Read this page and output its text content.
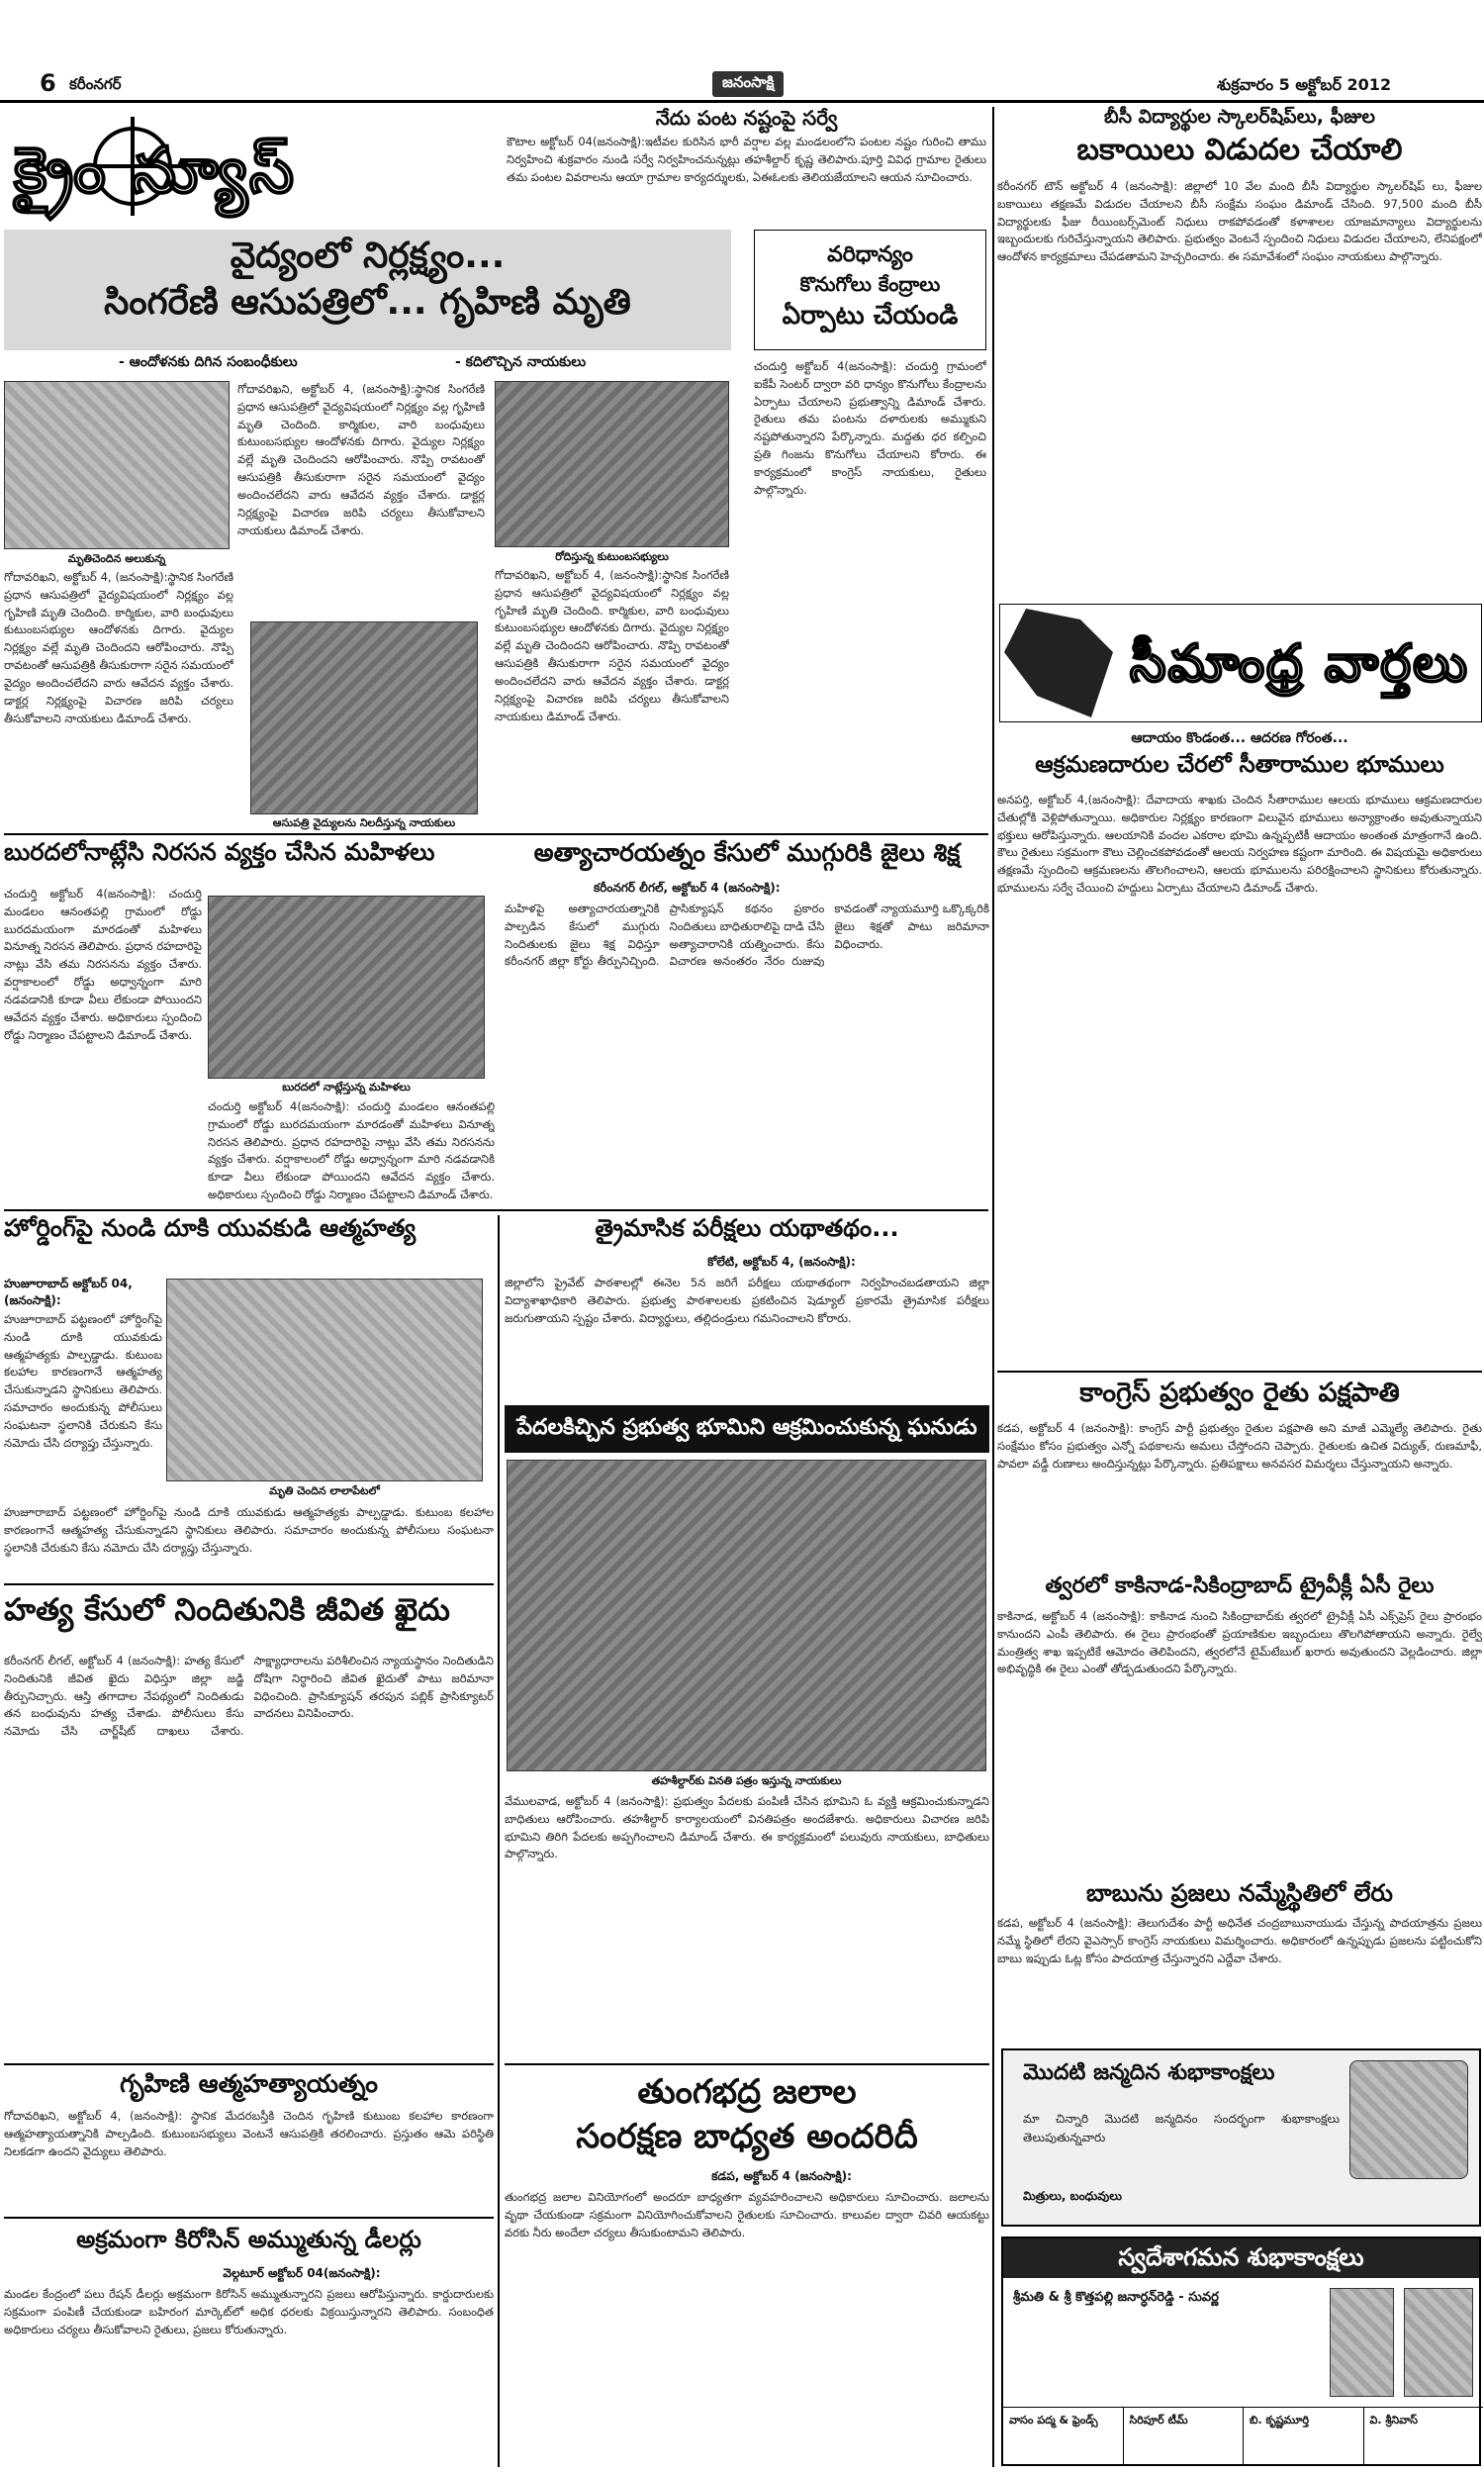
6 కరీంనగర్	జనంసాక్షి	శుక్రవారం 5 అక్టోబర్ 2012
క్రైం న్యూస్
నేదు పంట నష్టంపై సర్వే
కౌటాల అక్టోబర్ 04(జనంసాక్షి):ఇటీవల కురిసిన భారీ వర్షాల వల్ల మండలంలోని పంటల నష్టం గురించి తాము నిర్వహించి శుక్రవారం నుండి సర్వే నిర్వహించనున్నట్లు తహశీల్దార్ కృష్ణ తెలిపారు.పూర్తి వివిధ గ్రామాల రైతులు తమ పంటల వివరాలను ఆయా గ్రామాల కార్యదర్శులకు, ఏఈఓలకు తెలియజేయాలని ఆయన సూచించారు.
వైద్యంలో నిర్లక్ష్యం...
సింగరేణి ఆసుపత్రిలో... గృహిణి మృతి
- ఆందోళనకు దిగిన సంబంధీకులు	- కదిలొచ్చిన నాయకులు
మృతిచెందిన అలుకున్న
గోదావరిఖని, అక్టోబర్ 4, (జనంసాక్షి):స్థానిక సింగరేణి ప్రధాన ఆసుపత్రిలో వైద్యవిషయంలో నిర్లక్ష్యం వల్ల గృహిణి మృతి చెందింది. కార్మికుల, వారి బంధువులు కుటుంబసభ్యుల ఆందోళనకు దిగారు. వైద్యుల నిర్లక్ష్యం వల్లే మృతి చెందిందని ఆరోపించారు. నొప్పి రావటంతో ఆసుపత్రికి తీసుకురాగా సరైన సమయంలో వైద్యం అందించలేదని వారు ఆవేదన వ్యక్తం చేశారు. డాక్టర్ల నిర్లక్ష్యంపై విచారణ జరిపి చర్యలు తీసుకోవాలని నాయకులు డిమాండ్ చేశారు.
గోదావరిఖని, అక్టోబర్ 4, (జనంసాక్షి):స్థానిక సింగరేణి ప్రధాన ఆసుపత్రిలో వైద్యవిషయంలో నిర్లక్ష్యం వల్ల గృహిణి మృతి చెందింది. కార్మికుల, వారి బంధువులు కుటుంబసభ్యుల ఆందోళనకు దిగారు. వైద్యుల నిర్లక్ష్యం వల్లే మృతి చెందిందని ఆరోపించారు. నొప్పి రావటంతో ఆసుపత్రికి తీసుకురాగా సరైన సమయంలో వైద్యం అందించలేదని వారు ఆవేదన వ్యక్తం చేశారు. డాక్టర్ల నిర్లక్ష్యంపై విచారణ జరిపి చర్యలు తీసుకోవాలని నాయకులు డిమాండ్ చేశారు.
ఆసుపత్రి వైద్యులను నిలదీస్తున్న నాయకులు
రోదిస్తున్న కుటుంబసభ్యులు
గోదావరిఖని, అక్టోబర్ 4, (జనంసాక్షి):స్థానిక సింగరేణి ప్రధాన ఆసుపత్రిలో వైద్యవిషయంలో నిర్లక్ష్యం వల్ల గృహిణి మృతి చెందింది. కార్మికుల, వారి బంధువులు కుటుంబసభ్యుల ఆందోళనకు దిగారు. వైద్యుల నిర్లక్ష్యం వల్లే మృతి చెందిందని ఆరోపించారు. నొప్పి రావటంతో ఆసుపత్రికి తీసుకురాగా సరైన సమయంలో వైద్యం అందించలేదని వారు ఆవేదన వ్యక్తం చేశారు. డాక్టర్ల నిర్లక్ష్యంపై విచారణ జరిపి చర్యలు తీసుకోవాలని నాయకులు డిమాండ్ చేశారు.
వరిధాన్యం
కొనుగోలు కేంద్రాలు
ఏర్పాటు చేయండి
చందుర్తి అక్టోబర్ 4(జనంసాక్షి): చందుర్తి గ్రామంలో ఐకేపీ సెంటర్ ద్వారా వరి ధాన్యం కొనుగోలు కేంద్రాలను ఏర్పాటు చేయాలని ప్రభుత్వాన్ని డిమాండ్ చేశారు. రైతులు తమ పంటను దళారులకు అమ్ముకుని నష్టపోతున్నారని పేర్కొన్నారు. మద్దతు ధర కల్పించి ప్రతి గింజను కొనుగోలు చేయాలని కోరారు. ఈ కార్యక్రమంలో కాంగ్రెస్ నాయకులు, రైతులు పాల్గొన్నారు.
బురదలోనాట్లేసి నిరసన వ్యక్తం చేసిన మహిళలు
చందుర్తి అక్టోబర్ 4(జనంసాక్షి): చందుర్తి మండలం ఆనంతపల్లి గ్రామంలో రోడ్డు బురదమయంగా మారడంతో మహిళలు వినూత్న నిరసన తెలిపారు. ప్రధాన రహదారిపై నాట్లు వేసి తమ నిరసనను వ్యక్తం చేశారు. వర్షాకాలంలో రోడ్డు అధ్వాన్నంగా మారి నడవడానికి కూడా వీలు లేకుండా పోయిందని ఆవేదన వ్యక్తం చేశారు. అధికారులు స్పందించి రోడ్డు నిర్మాణం చేపట్టాలని డిమాండ్ చేశారు.
బురదలో నాట్లేస్తున్న మహిళలు
చందుర్తి అక్టోబర్ 4(జనంసాక్షి): చందుర్తి మండలం ఆనంతపల్లి గ్రామంలో రోడ్డు బురదమయంగా మారడంతో మహిళలు వినూత్న నిరసన తెలిపారు. ప్రధాన రహదారిపై నాట్లు వేసి తమ నిరసనను వ్యక్తం చేశారు. వర్షాకాలంలో రోడ్డు అధ్వాన్నంగా మారి నడవడానికి కూడా వీలు లేకుండా పోయిందని ఆవేదన వ్యక్తం చేశారు. అధికారులు స్పందించి రోడ్డు నిర్మాణం చేపట్టాలని డిమాండ్ చేశారు.
అత్యాచారయత్నం కేసులో ముగ్గురికి జైలు శిక్ష
కరీంనగర్ లీగల్, అక్టోబర్ 4 (జనంసాక్షి):
మహిళపై అత్యాచారయత్నానికి పాల్పడిన కేసులో ముగ్గురు నిందితులకు జైలు శిక్ష విధిస్తూ కరీంనగర్ జిల్లా కోర్టు తీర్పునిచ్చింది. ప్రాసిక్యూషన్ కథనం ప్రకారం నిందితులు బాధితురాలిపై దాడి చేసి అత్యాచారానికి యత్నించారు. కేసు విచారణ అనంతరం నేరం రుజువు కావడంతో న్యాయమూర్తి ఒక్కొక్కరికి జైలు శిక్షతో పాటు జరిమానా విధించారు.
హోర్డింగ్‌పై నుండి దూకి యువకుడి ఆత్మహత్య
హుజూరాబాద్ అక్టోబర్ 04, (జనంసాక్షి):
హుజూరాబాద్ పట్టణంలో హోర్డింగ్‌పై నుండి దూకి యువకుడు ఆత్మహత్యకు పాల్పడ్డాడు. కుటుంబ కలహాల కారణంగానే ఆత్మహత్య చేసుకున్నాడని స్థానికులు తెలిపారు. సమాచారం అందుకున్న పోలీసులు సంఘటనా స్థలానికి చేరుకుని కేసు నమోదు చేసి దర్యాప్తు చేస్తున్నారు.
మృతి చెందిన లాలాపేటలో
హుజూరాబాద్ పట్టణంలో హోర్డింగ్‌పై నుండి దూకి యువకుడు ఆత్మహత్యకు పాల్పడ్డాడు. కుటుంబ కలహాల కారణంగానే ఆత్మహత్య చేసుకున్నాడని స్థానికులు తెలిపారు. సమాచారం అందుకున్న పోలీసులు సంఘటనా స్థలానికి చేరుకుని కేసు నమోదు చేసి దర్యాప్తు చేస్తున్నారు.
హత్య కేసులో నిందితునికి జీవిత ఖైదు
కరీంనగర్ లీగల్, అక్టోబర్ 4 (జనంసాక్షి): హత్య కేసులో నిందితునికి జీవిత ఖైదు విధిస్తూ జిల్లా జడ్జి తీర్పునిచ్చారు. ఆస్తి తగాదాల నేపథ్యంలో నిందితుడు తన బంధువును హత్య చేశాడు. పోలీసులు కేసు నమోదు చేసి చార్జ్‌షీట్ దాఖలు చేశారు. సాక్ష్యాధారాలను పరిశీలించిన న్యాయస్థానం నిందితుడిని దోషిగా నిర్ధారించి జీవిత ఖైదుతో పాటు జరిమానా విధించింది. ప్రాసిక్యూషన్ తరపున పబ్లిక్ ప్రాసిక్యూటర్ వాదనలు వినిపించారు.
గృహిణి ఆత్మహత్యాయత్నం
గోదావరిఖని, అక్టోబర్ 4, (జనంసాక్షి): స్థానిక మేదరబస్తీకి చెందిన గృహిణి కుటుంబ కలహాల కారణంగా ఆత్మహత్యాయత్నానికి పాల్పడింది. కుటుంబసభ్యులు వెంటనే ఆసుపత్రికి తరలించారు. ప్రస్తుతం ఆమె పరిస్థితి నిలకడగా ఉందని వైద్యులు తెలిపారు.
అక్రమంగా కిరోసిన్ అమ్ముతున్న డీలర్లు
వెల్గటూర్ అక్టోబర్ 04(జనంసాక్షి):
మండల కేంద్రంలో పలు రేషన్ డీలర్లు అక్రమంగా కిరోసిన్ అమ్ముతున్నారని ప్రజలు ఆరోపిస్తున్నారు. కార్డుదారులకు సక్రమంగా పంపిణీ చేయకుండా బహిరంగ మార్కెట్‌లో అధిక ధరలకు విక్రయిస్తున్నారని తెలిపారు. సంబంధిత అధికారులు చర్యలు తీసుకోవాలని రైతులు, ప్రజలు కోరుతున్నారు.
త్రైమాసిక పరీక్షలు యథాతథం...
కోలేటి, అక్టోబర్ 4, (జనంసాక్షి):
జిల్లాలోని ప్రైవేట్ పాఠశాలల్లో ఈనెల 5న జరిగే పరీక్షలు యథాతథంగా నిర్వహించబడతాయని జిల్లా విద్యాశాఖాధికారి తెలిపారు. ప్రభుత్వ పాఠశాలలకు ప్రకటించిన షెడ్యూల్ ప్రకారమే త్రైమాసిక పరీక్షలు జరుగుతాయని స్పష్టం చేశారు. విద్యార్థులు, తల్లిదండ్రులు గమనించాలని కోరారు.
పేదలకిచ్చిన ప్రభుత్వ భూమిని ఆక్రమించుకున్న ఘనుడు
తహశీల్దార్‌కు వినతి పత్రం ఇస్తున్న నాయకులు
వేములవాడ, అక్టోబర్ 4 (జనంసాక్షి): ప్రభుత్వం పేదలకు పంపిణీ చేసిన భూమిని ఓ వ్యక్తి ఆక్రమించుకున్నాడని బాధితులు ఆరోపించారు. తహశీల్దార్ కార్యాలయంలో వినతిపత్రం అందజేశారు. అధికారులు విచారణ జరిపి భూమిని తిరిగి పేదలకు అప్పగించాలని డిమాండ్ చేశారు. ఈ కార్యక్రమంలో పలువురు నాయకులు, బాధితులు పాల్గొన్నారు.
తుంగభద్ర జలాల
సంరక్షణ బాధ్యత అందరిదీ
కడప, అక్టోబర్ 4 (జనంసాక్షి):
తుంగభద్ర జలాల వినియోగంలో అందరూ బాధ్యతగా వ్యవహరించాలని అధికారులు సూచించారు. జలాలను వృథా చేయకుండా సక్రమంగా వినియోగించుకోవాలని రైతులకు సూచించారు. కాలువల ద్వారా చివరి ఆయకట్టు వరకు నీరు అందేలా చర్యలు తీసుకుంటామని తెలిపారు.
బీసీ విద్యార్థుల స్కాలర్‌షిప్‌లు, ఫీజుల
బకాయిలు విడుదల చేయాలి
కరీంనగర్ టౌన్ అక్టోబర్ 4 (జనంసాక్షి): జిల్లాలో 10 వేల మంది బీసీ విద్యార్థుల స్కాలర్‌షిప్‌ లు, ఫీజుల బకాయిలు తక్షణమే విడుదల చేయాలని బీసీ సంక్షేమ సంఘం డిమాండ్ చేసింది. 97,500 మంది బీసీ విద్యార్థులకు ఫీజు రీయింబర్స్‌మెంట్ నిధులు రాకపోవడంతో కళాశాలల యాజమాన్యాలు విద్యార్థులను ఇబ్బందులకు గురిచేస్తున్నాయని తెలిపారు. ప్రభుత్వం వెంటనే స్పందించి నిధులు విడుదల చేయాలని, లేనిపక్షంలో ఆందోళన కార్యక్రమాలు చేపడతామని హెచ్చరించారు. ఈ సమావేశంలో సంఘం నాయకులు పాల్గొన్నారు.
సీమాంధ్ర వార్తలు
ఆదాయం కొండంత... ఆదరణ గోరంత...
ఆక్రమణదారుల చేరలో సీతారాముల భూములు
అనపర్తి, అక్టోబర్ 4,(జనంసాక్షి): దేవాదాయ శాఖకు చెందిన సీతారాముల ఆలయ భూములు ఆక్రమణదారుల చేతుల్లోకి వెళ్లిపోతున్నాయి. అధికారుల నిర్లక్ష్యం కారణంగా విలువైన భూములు అన్యాక్రాంతం అవుతున్నాయని భక్తులు ఆరోపిస్తున్నారు. ఆలయానికి వందల ఎకరాల భూమి ఉన్నప్పటికీ ఆదాయం అంతంత మాత్రంగానే ఉంది. కౌలు రైతులు సక్రమంగా కౌలు చెల్లించకపోవడంతో ఆలయ నిర్వహణ కష్టంగా మారింది. ఈ విషయమై అధికారులు తక్షణమే స్పందించి ఆక్రమణలను తొలగించాలని, ఆలయ భూములను పరిరక్షించాలని స్థానికులు కోరుతున్నారు. భూములను సర్వే చేయించి హద్దులు ఏర్పాటు చేయాలని డిమాండ్ చేశారు.
కాంగ్రెస్ ప్రభుత్వం రైతు పక్షపాతి
కడప, అక్టోబర్ 4 (జనంసాక్షి): కాంగ్రెస్ పార్టీ ప్రభుత్వం రైతుల పక్షపాతి అని మాజీ ఎమ్మెల్యే తెలిపారు. రైతు సంక్షేమం కోసం ప్రభుత్వం ఎన్నో పథకాలను అమలు చేస్తోందని చెప్పారు. రైతులకు ఉచిత విద్యుత్, రుణమాఫీ, పావలా వడ్డీ రుణాలు అందిస్తున్నట్లు పేర్కొన్నారు. ప్రతిపక్షాలు అనవసర విమర్శలు చేస్తున్నాయని అన్నారు.
త్వరలో కాకినాడ-సికింద్రాబాద్ ట్రైవీక్లీ ఏసీ రైలు
కాకినాడ, అక్టోబర్ 4 (జనంసాక్షి): కాకినాడ నుంచి సికింద్రాబాద్‌కు త్వరలో ట్రైవీక్లీ ఏసీ ఎక్స్‌ప్రెస్ రైలు ప్రారంభం కానుందని ఎంపీ తెలిపారు. ఈ రైలు ప్రారంభంతో ప్రయాణికుల ఇబ్బందులు తొలగిపోతాయని అన్నారు. రైల్వే మంత్రిత్వ శాఖ ఇప్పటికే ఆమోదం తెలిపిందని, త్వరలోనే టైమ్‌టేబుల్ ఖరారు అవుతుందని వెల్లడించారు. జిల్లా అభివృద్ధికి ఈ రైలు ఎంతో తోడ్పడుతుందని పేర్కొన్నారు.
బాబును ప్రజలు నమ్మేస్థితిలో లేరు
కడప, అక్టోబర్ 4 (జనంసాక్షి): తెలుగుదేశం పార్టీ అధినేత చంద్రబాబునాయుడు చేస్తున్న పాదయాత్రను ప్రజలు నమ్మే స్థితిలో లేరని వైఎస్సార్ కాంగ్రెస్ నాయకులు విమర్శించారు. అధికారంలో ఉన్నప్పుడు ప్రజలను పట్టించుకోని బాబు ఇప్పుడు ఓట్ల కోసం పాదయాత్ర చేస్తున్నారని ఎద్దేవా చేశారు.
మొదటి జన్మదిన శుభాకాంక్షలు
మా చిన్నారి మొదటి జన్మదినం సందర్భంగా శుభాకాంక్షలు తెలుపుతున్నవారు
మిత్రులు, బంధువులు
స్వదేశాగమన శుభాకాంక్షలు
శ్రీమతి & శ్రీ కొత్తపల్లి జనార్ధన్‌రెడ్డి - సువర్ణ
వాసం పద్మ & ఫ్రెండ్స్	సిరిపూర్ టీమ్	బి. కృష్ణమూర్తి	వి. శ్రీనివాస్
